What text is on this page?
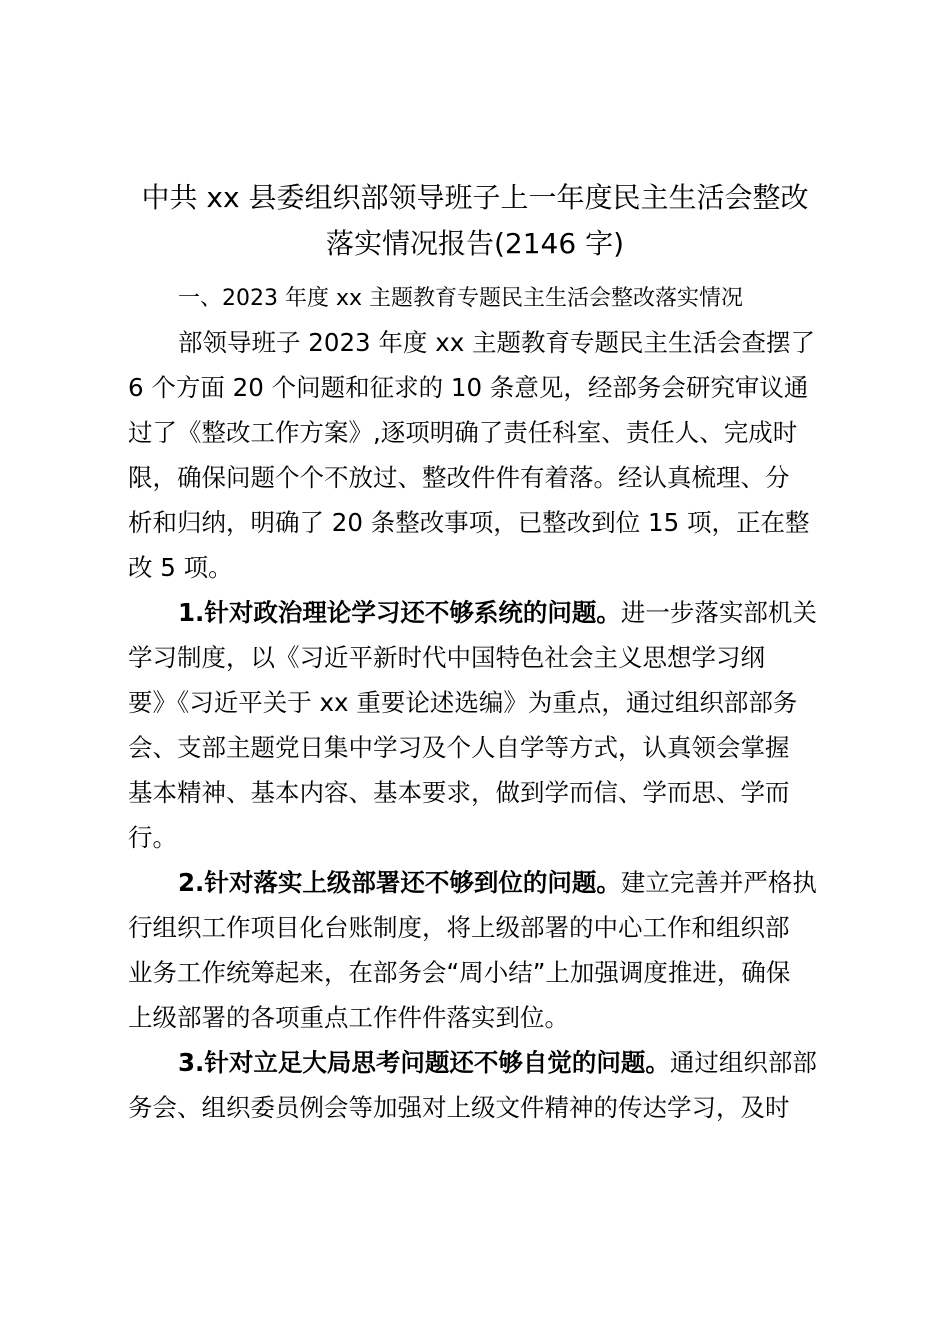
中共 xx 县委组织部领导班子上一年度民主生活会整改
落实情况报告(2146 字)
一、2023 年度 xx 主题教育专题民主生活会整改落实情况
部领导班子 2023 年度 xx 主题教育专题民主生活会查摆了
6 个方面 20 个问题和征求的 10 条意见，经部务会研究审议通
过了《整改工作方案》,逐项明确了责任科室、责任人、完成时
限，确保问题个个不放过、整改件件有着落。经认真梳理、分
析和归纳，明确了 20 条整改事项，已整改到位 15 项，正在整
改 5 项。
1.针对政治理论学习还不够系统的问题。进一步落实部机关
学习制度，以《习近平新时代中国特色社会主义思想学习纲
要》《习近平关于 xx 重要论述选编》为重点，通过组织部部务
会、支部主题党日集中学习及个人自学等方式，认真领会掌握
基本精神、基本内容、基本要求，做到学而信、学而思、学而
行。
2.针对落实上级部署还不够到位的问题。建立完善并严格执
行组织工作项目化台账制度，将上级部署的中心工作和组织部
业务工作统筹起来，在部务会“周小结”上加强调度推进，确保
上级部署的各项重点工作件件落实到位。
3.针对立足大局思考问题还不够自觉的问题。通过组织部部
务会、组织委员例会等加强对上级文件精神的传达学习，及时
